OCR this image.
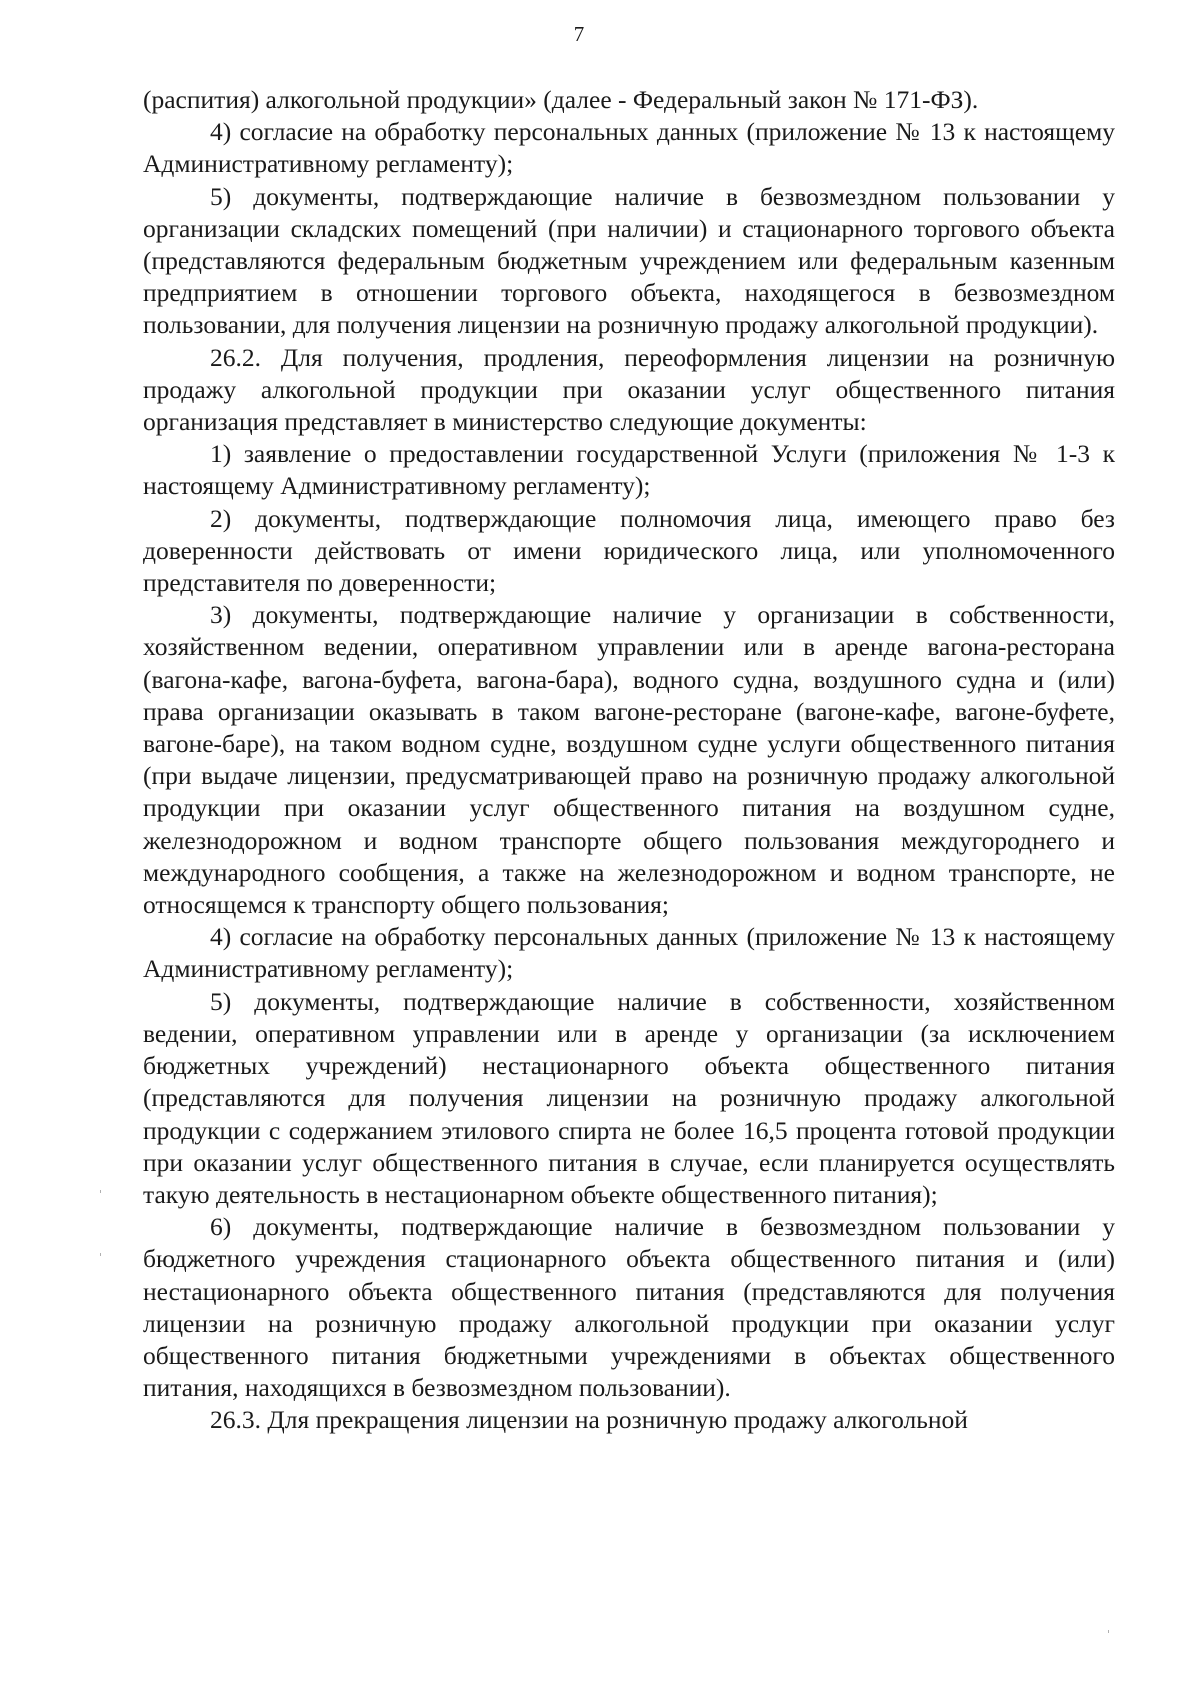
7

(распития) алкогольной продукции» (далее - Федеральный закон № 171-ФЗ).

4) согласие на обработку персональных данных (приложение № 13 к настоящему Административному регламенту);

5) документы, подтверждающие наличие в безвозмездном пользовании у организации складских помещений (при наличии) и стационарного торгового объекта (представляются федеральным бюджетным учреждением или федеральным казенным предприятием в отношении торгового объекта, находящегося в безвозмездном пользовании, для получения лицензии на розничную продажу алкогольной продукции).

26.2. Для получения, продления, переоформления лицензии на розничную продажу алкогольной продукции при оказании услуг общественного питания организация представляет в министерство следующие документы:

1) заявление о предоставлении государственной Услуги (приложения № 1-3 к настоящему Административному регламенту);

2) документы, подтверждающие полномочия лица, имеющего право без доверенности действовать от имени юридического лица, или уполномоченного представителя по доверенности;

3) документы, подтверждающие наличие у организации в собственности, хозяйственном ведении, оперативном управлении или в аренде вагона-ресторана (вагона-кафе, вагона-буфета, вагона-бара), водного судна, воздушного судна и (или) права организации оказывать в таком вагоне-ресторане (вагоне-кафе, вагоне-буфете, вагоне-баре), на таком водном судне, воздушном судне услуги общественного питания (при выдаче лицензии, предусматривающей право на розничную продажу алкогольной продукции при оказании услуг общественного питания на воздушном судне, железнодорожном и водном транспорте общего пользования междугороднего и международного сообщения, а также на железнодорожном и водном транспорте, не относящемся к транспорту общего пользования;

4) согласие на обработку персональных данных (приложение № 13 к настоящему Административному регламенту);

5) документы, подтверждающие наличие в собственности, хозяйственном ведении, оперативном управлении или в аренде у организации (за исключением бюджетных учреждений) нестационарного объекта общественного питания (представляются для получения лицензии на розничную продажу алкогольной продукции с содержанием этилового спирта не более 16,5 процента готовой продукции при оказании услуг общественного питания в случае, если планируется осуществлять такую деятельность в нестационарном объекте общественного питания);

6) документы, подтверждающие наличие в безвозмездном пользовании у бюджетного учреждения стационарного объекта общественного питания и (или) нестационарного объекта общественного питания (представляются для получения лицензии на розничную продажу алкогольной продукции при оказании услуг общественного питания бюджетными учреждениями в объектах общественного питания, находящихся в безвозмездном пользовании).

26.3. Для прекращения лицензии на розничную продажу алкогольной
